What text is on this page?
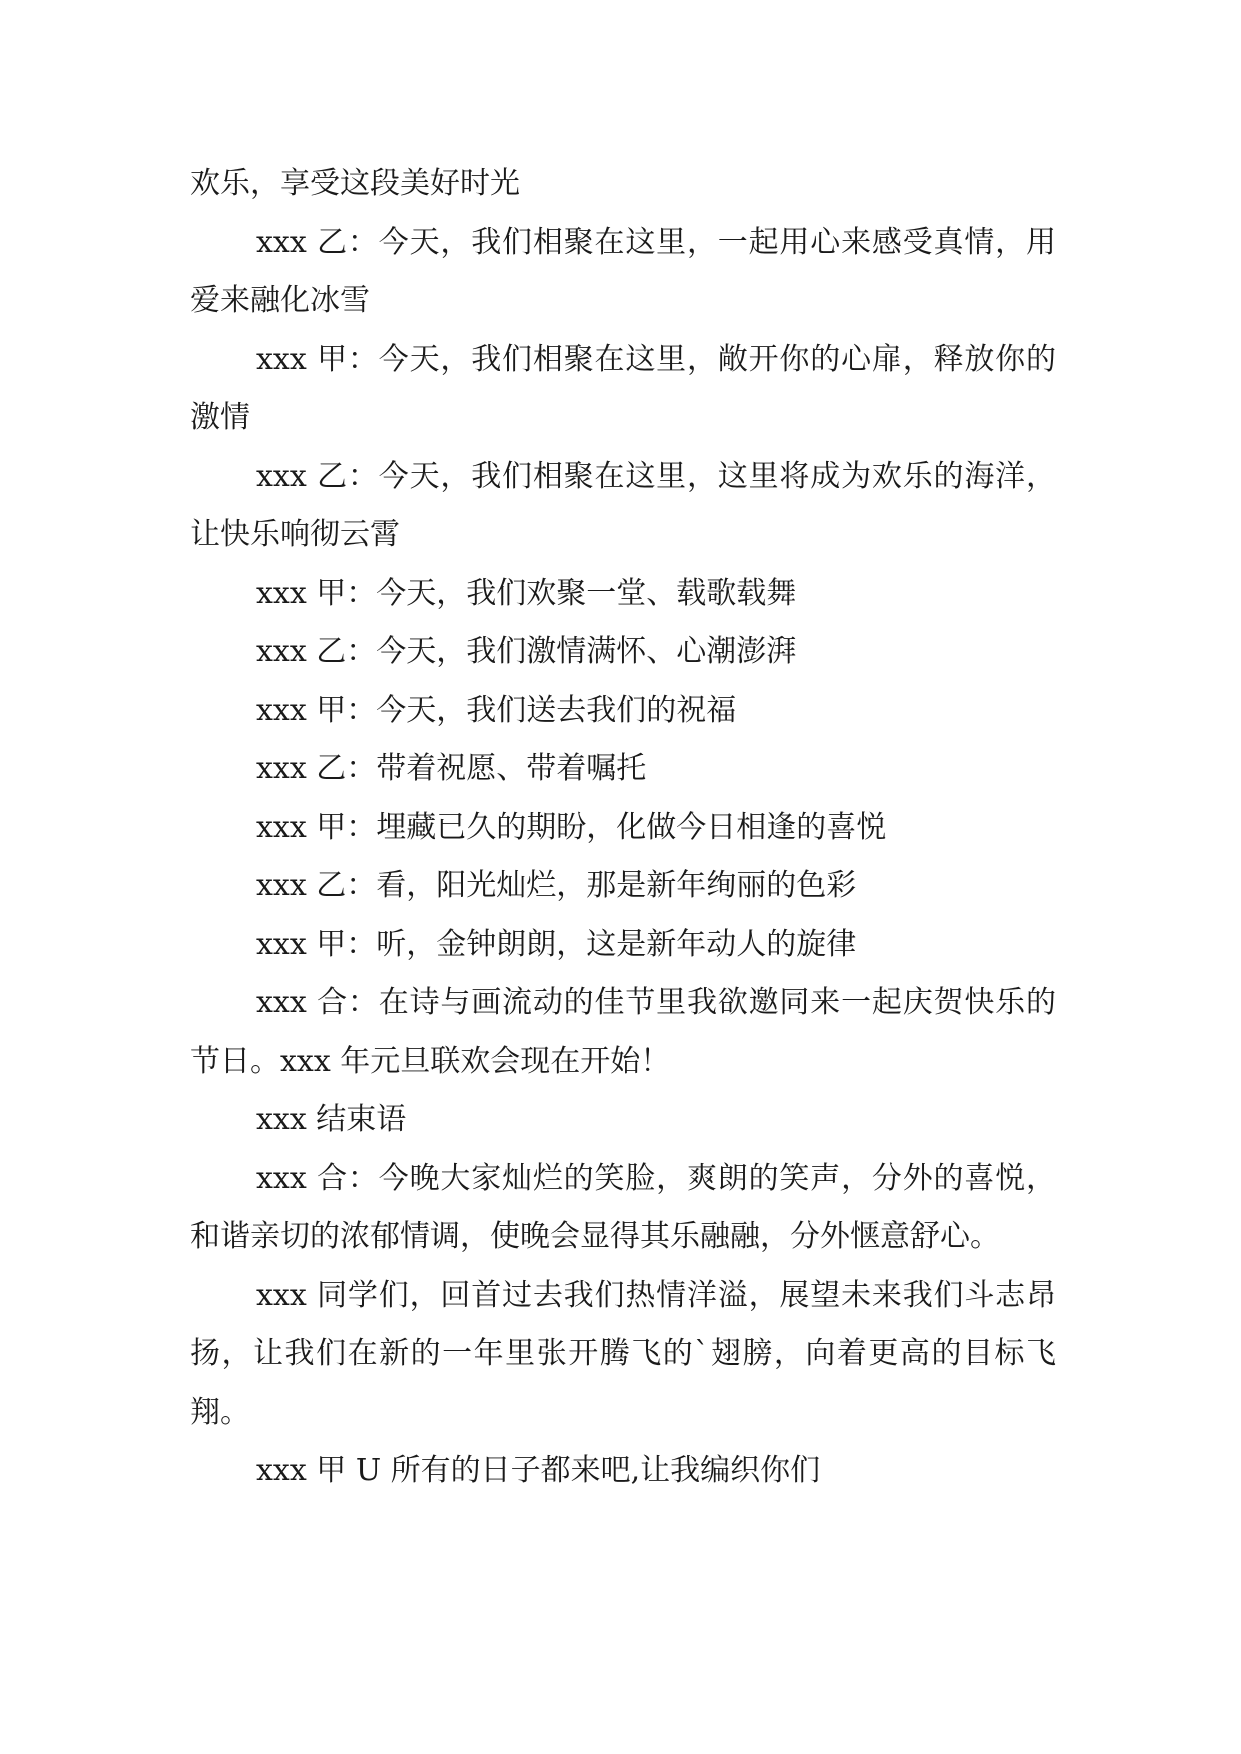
欢乐，享受这段美好时光

xxx 乙：今天，我们相聚在这里，一起用心来感受真情，用爱来融化冰雪

xxx 甲：今天，我们相聚在这里，敞开你的心扉，释放你的激情

xxx 乙：今天，我们相聚在这里，这里将成为欢乐的海洋，让快乐响彻云霄

xxx 甲：今天，我们欢聚一堂、载歌载舞

xxx 乙：今天，我们激情满怀、心潮澎湃

xxx 甲：今天，我们送去我们的祝福

xxx 乙：带着祝愿、带着嘱托

xxx 甲：埋藏已久的期盼，化做今日相逢的喜悦

xxx 乙：看，阳光灿烂，那是新年绚丽的色彩

xxx 甲：听，金钟朗朗，这是新年动人的旋律

xxx 合：在诗与画流动的佳节里我欲邀同来一起庆贺快乐的节日。xxx 年元旦联欢会现在开始！

xxx 结束语

xxx 合：今晚大家灿烂的笑脸，爽朗的笑声，分外的喜悦，和谐亲切的浓郁情调，使晚会显得其乐融融，分外惬意舒心。

xxx 同学们，回首过去我们热情洋溢，展望未来我们斗志昂扬，让我们在新的一年里张开腾飞的`翅膀，向着更高的目标飞翔。

xxx 甲 U 所有的日子都来吧,让我编织你们
